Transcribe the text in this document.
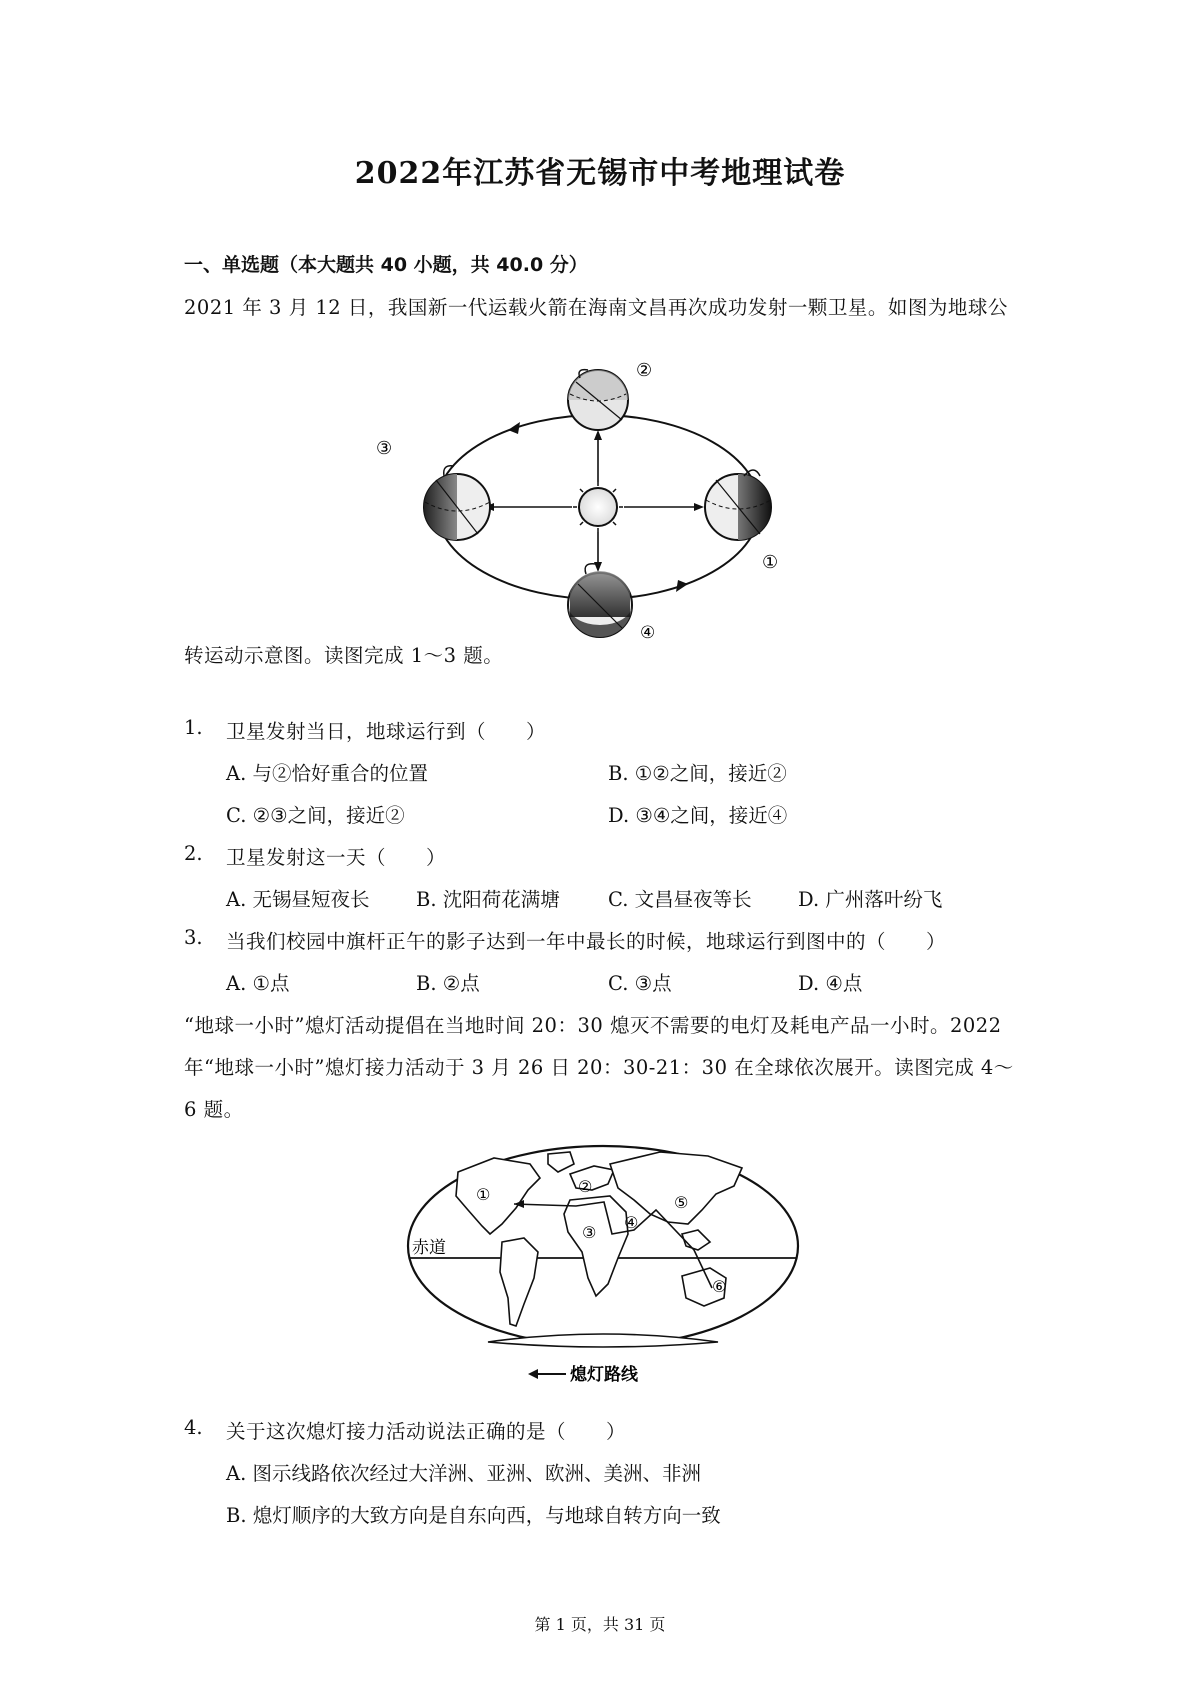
2022年江苏省无锡市中考地理试卷
一、单选题（本大题共 40 小题，共 40.0 分）
2021 年 3 月 12 日，我国新一代运载火箭在海南文昌再次成功发射一颗卫星。如图为地球公
②
③
①
④
转运动示意图。读图完成 1～3 题。
1. 卫星发射当日，地球运行到（　　）
A. 与②恰好重合的位置	B. ①②之间，接近②
C. ②③之间，接近②	D. ③④之间，接近④
2. 卫星发射这一天（　　）
A. 无锡昼短夜长 B. 沈阳荷花满塘 C. 文昌昼夜等长 D. 广州落叶纷飞
3. 当我们校园中旗杆正午的影子达到一年中最长的时候，地球运行到图中的（　　）
A. ①点	B. ②点	C. ③点	D. ④点
“地球一小时”熄灯活动提倡在当地时间 20：30 熄灭不需要的电灯及耗电产品一小时。2022
年“地球一小时”熄灯接力活动于 3 月 26 日 20：30-21：30 在全球依次展开。读图完成 4～
6 题。
赤道
①	②
③
④
⑤
⑥
熄灯路线
4. 关于这次熄灯接力活动说法正确的是（　　）
A. 图示线路依次经过大洋洲、亚洲、欧洲、美洲、非洲
B. 熄灯顺序的大致方向是自东向西，与地球自转方向一致
第 1 页，共 31 页
